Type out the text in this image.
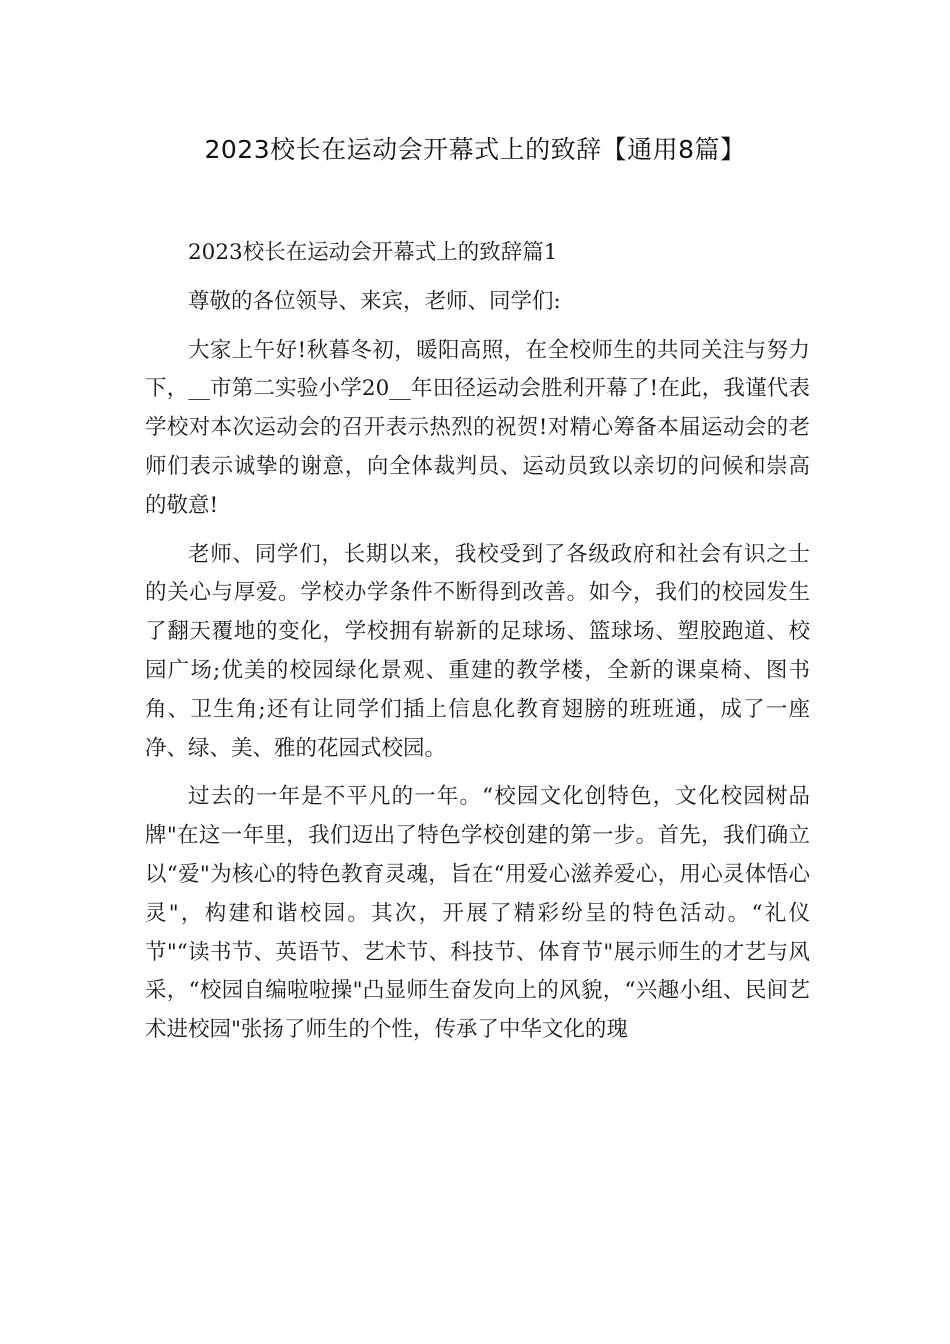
2023校长在运动会开幕式上的致辞【通用8篇】

2023校长在运动会开幕式上的致辞篇1

尊敬的各位领导、来宾，老师、同学们:

大家上午好!秋暮冬初，暖阳高照，在全校师生的共同关注与努力下，__市第二实验小学20__年田径运动会胜利开幕了!在此，我谨代表学校对本次运动会的召开表示热烈的祝贺!对精心筹备本届运动会的老师们表示诚挚的谢意，向全体裁判员、运动员致以亲切的问候和崇高的敬意!

老师、同学们，长期以来，我校受到了各级政府和社会有识之士的关心与厚爱。学校办学条件不断得到改善。如今，我们的校园发生了翻天覆地的变化，学校拥有崭新的足球场、篮球场、塑胶跑道、校园广场;优美的校园绿化景观、重建的教学楼，全新的课桌椅、图书角、卫生角;还有让同学们插上信息化教育翅膀的班班通，成了一座净、绿、美、雅的花园式校园。

过去的一年是不平凡的一年。“校园文化创特色，文化校园树品牌"在这一年里，我们迈出了特色学校创建的第一步。首先，我们确立以“爱"为核心的特色教育灵魂，旨在“用爱心滋养爱心，用心灵体悟心灵"，构建和谐校园。其次，开展了精彩纷呈的特色活动。“礼仪节"“读书节、英语节、艺术节、科技节、体育节"展示师生的才艺与风采，“校园自编啦啦操"凸显师生奋发向上的风貌，“兴趣小组、民间艺术进校园"张扬了师生的个性，传承了中华文化的瑰
